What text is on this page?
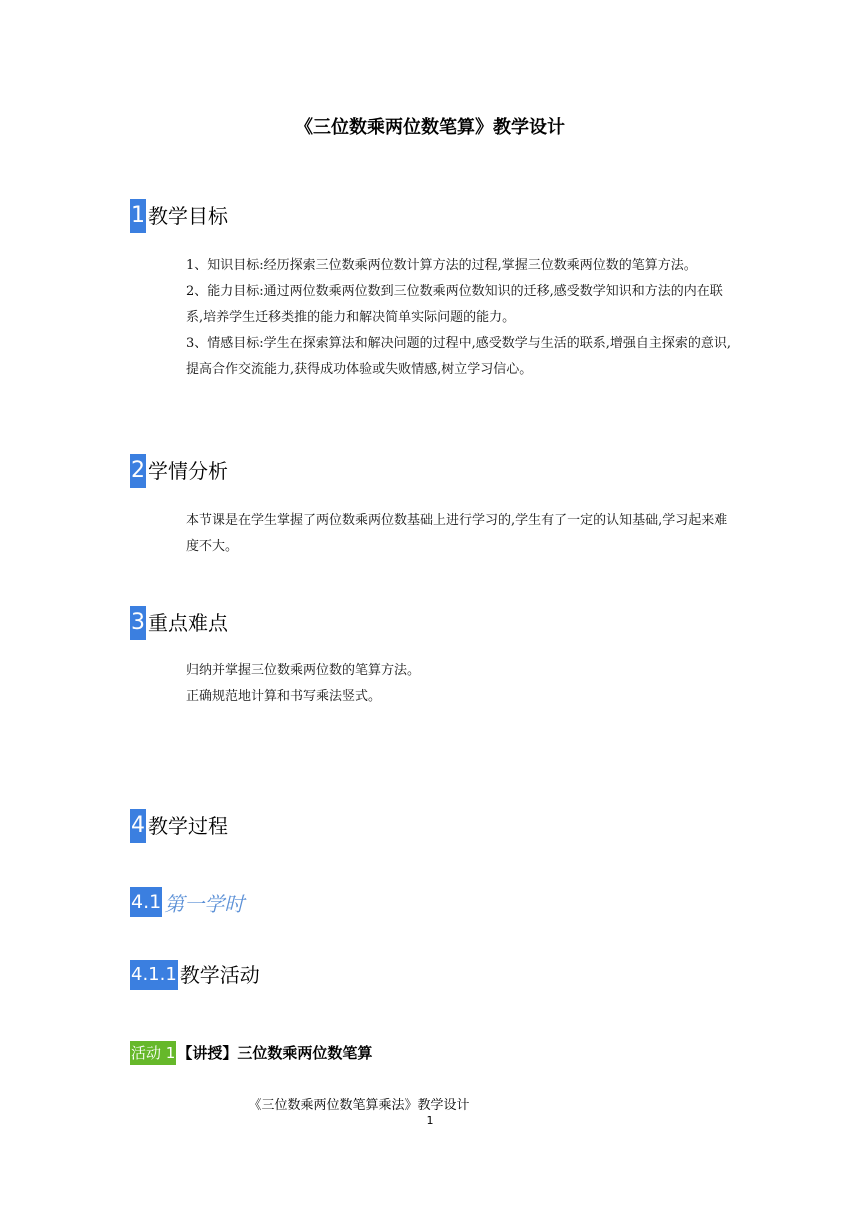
《三位数乘两位数笔算》教学设计
1 教学目标

1、知识目标:经历探索三位数乘两位数计算方法的过程,掌握三位数乘两位数的笔算方法。

2、能力目标:通过两位数乘两位数到三位数乘两位数知识的迁移,感受数学知识和方法的内在联系,培养学生迁移类推的能力和解决简单实际问题的能力。

3、情感目标:学生在探索算法和解决问题的过程中,感受数学与生活的联系,增强自主探索的意识,提高合作交流能力,获得成功体验或失败情感,树立学习信心。

2 学情分析

本节课是在学生掌握了两位数乘两位数基础上进行学习的,学生有了一定的认知基础,学习起来难度不大。

3 重点难点

归纳并掌握三位数乘两位数的笔算方法。

正确规范地计算和书写乘法竖式。

4 教学过程
4.1 第一学时
4.1.1 教学活动
活动 1 【讲授】三位数乘两位数笔算
《三位数乘两位数笔算乘法》教学设计
1
